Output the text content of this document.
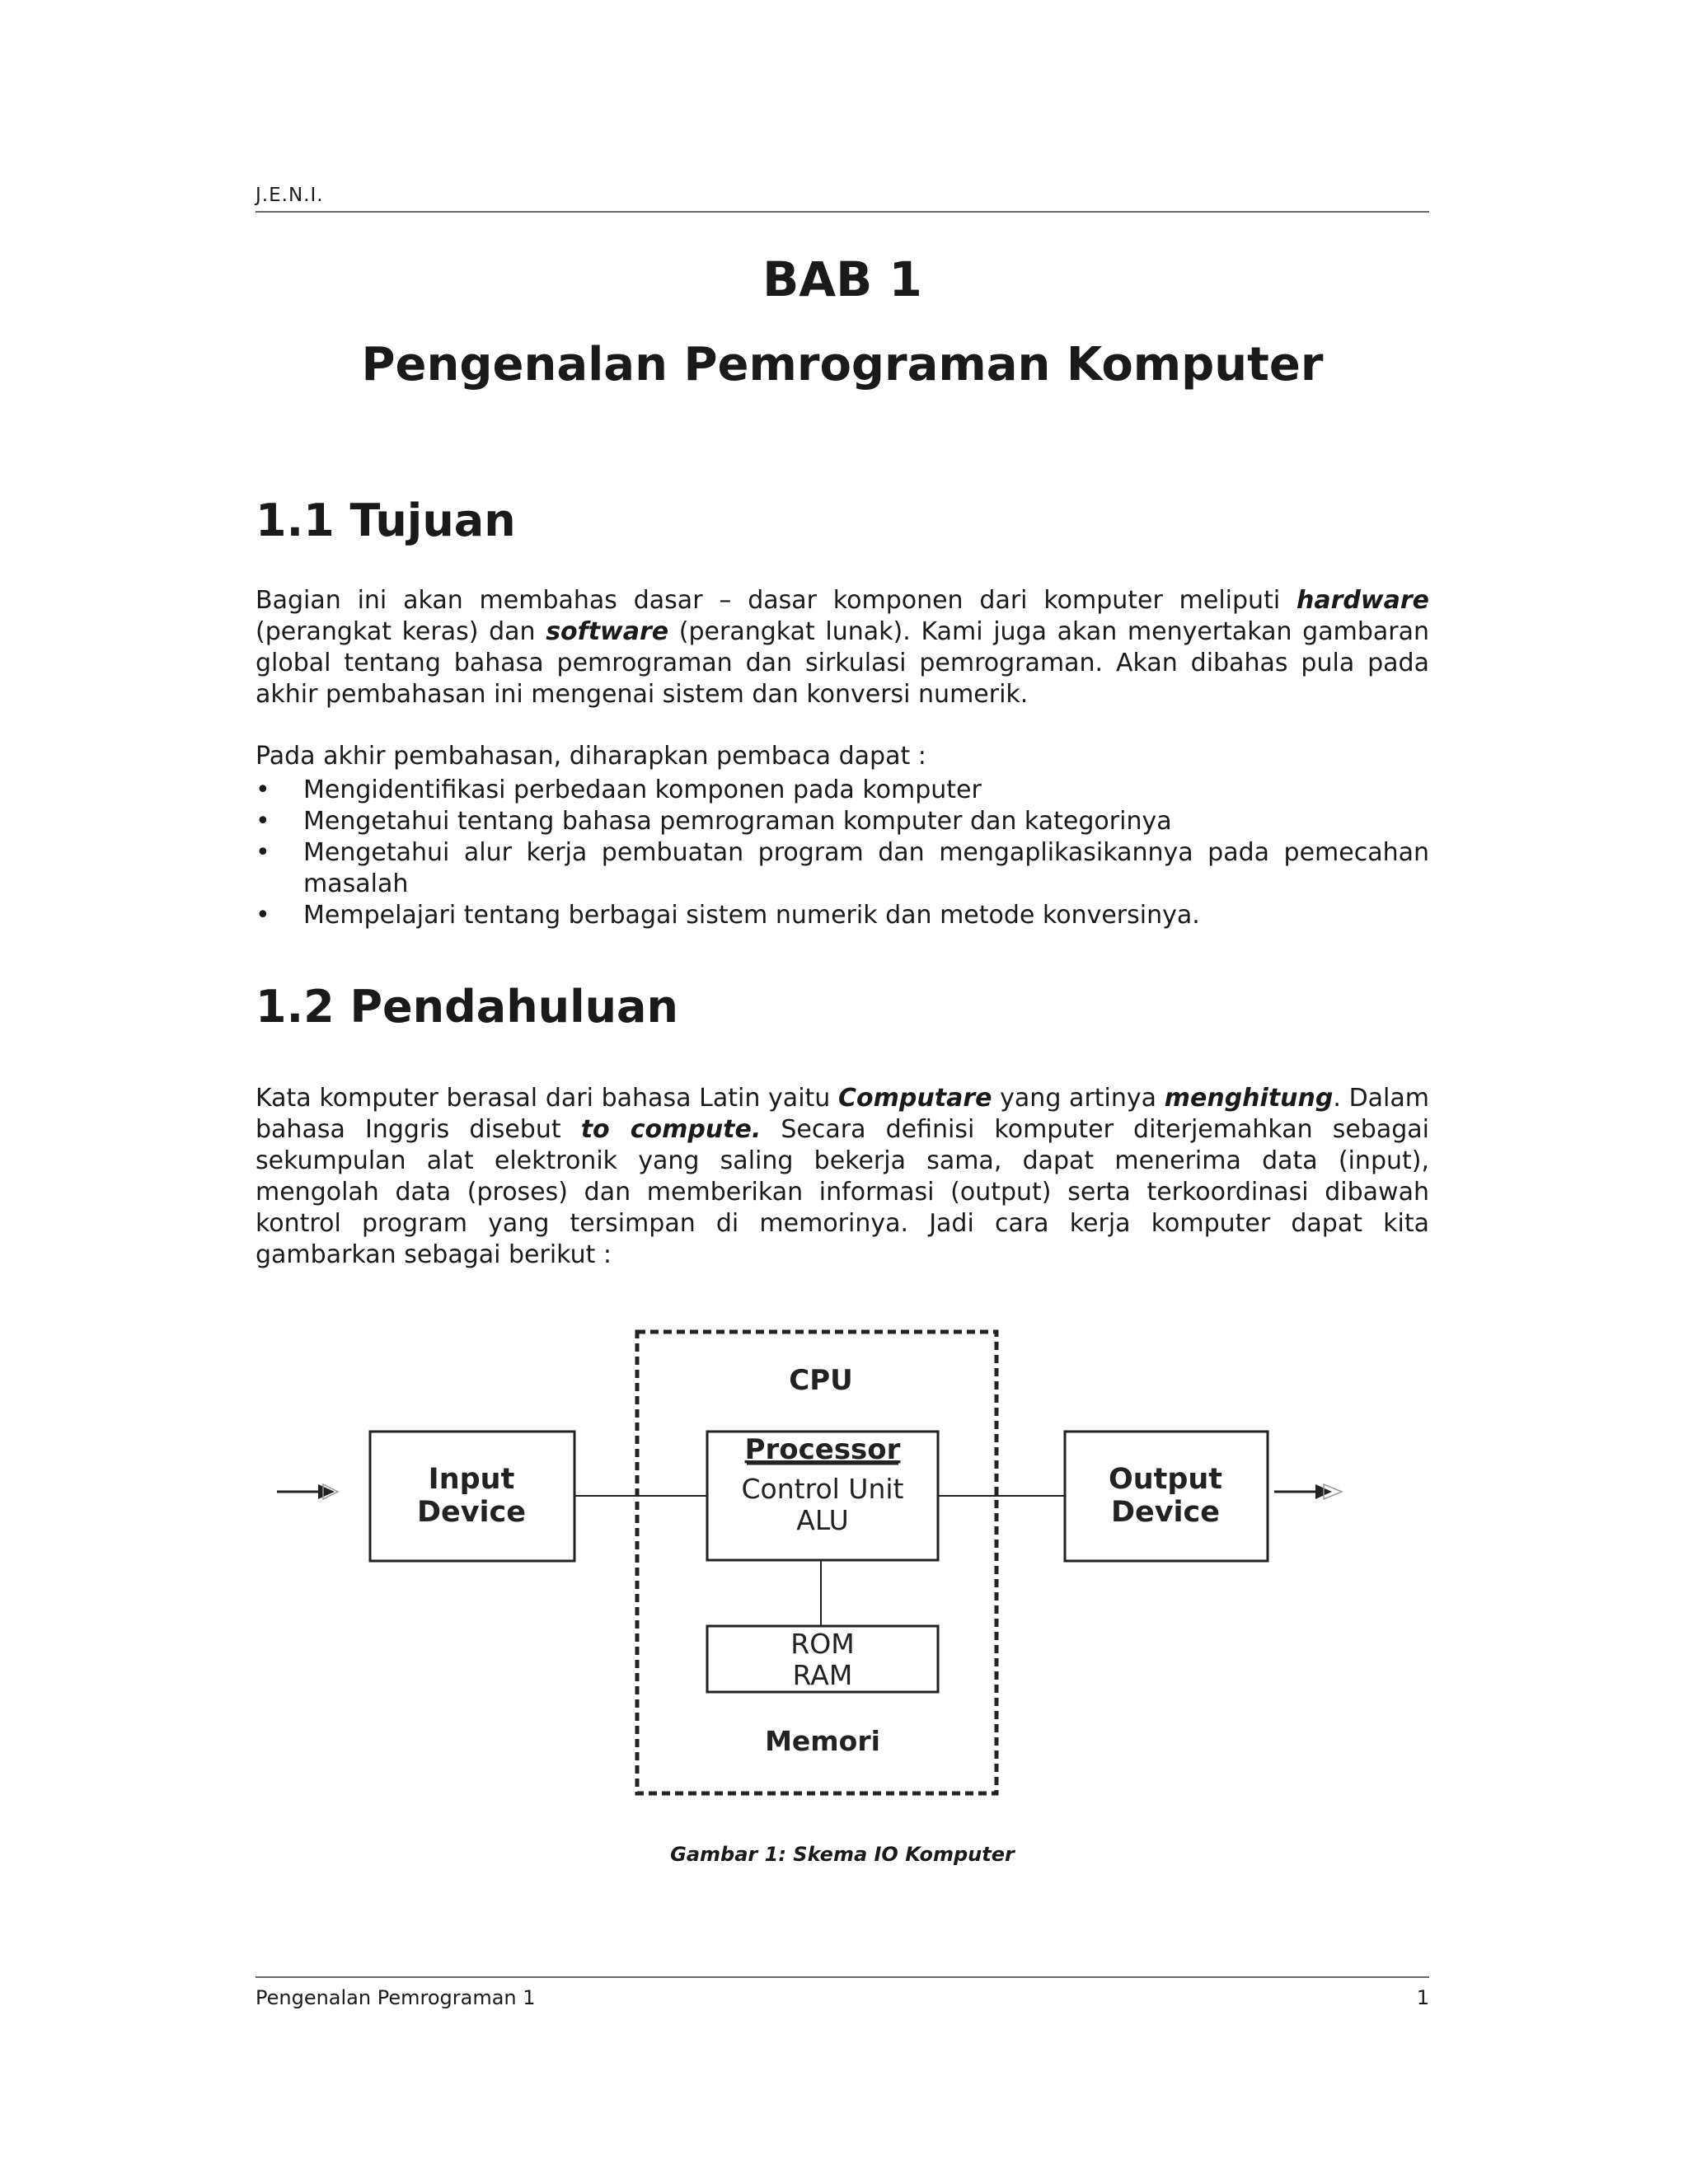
J.E.N.I.
BAB 1
Pengenalan Pemrograman Komputer
1.1 Tujuan

Bagian ini akan membahas dasar – dasar komponen dari komputer meliputi hardware (perangkat keras) dan software (perangkat lunak). Kami juga akan menyertakan gambaran global tentang bahasa pemrograman dan sirkulasi pemrograman. Akan dibahas pula pada akhir pembahasan ini mengenai sistem dan konversi numerik.

Pada akhir pembahasan, diharapkan pembaca dapat :

• Mengidentifikasi perbedaan komponen pada komputer
• Mengetahui tentang bahasa pemrograman komputer dan kategorinya
• Mengetahui alur kerja pembuatan program dan mengaplikasikannya pada pemecahan masalah
• Mempelajari tentang berbagai sistem numerik dan metode konversinya.
1.2 Pendahuluan

Kata komputer berasal dari bahasa Latin yaitu Computare yang artinya menghitung. Dalam bahasa Inggris disebut to compute. Secara definisi komputer diterjemahkan sebagai sekumpulan alat elektronik yang saling bekerja sama, dapat menerima data (input), mengolah data (proses) dan memberikan informasi (output) serta terkoordinasi dibawah kontrol program yang tersimpan di memorinya. Jadi cara kerja komputer dapat kita gambarkan sebagai berikut :

CPU
Input
Device
Processor
Control Unit
ALU
Output
Device
ROM
RAM
Memori
Gambar 1: Skema IO Komputer
Pengenalan Pemrograman 1	1
